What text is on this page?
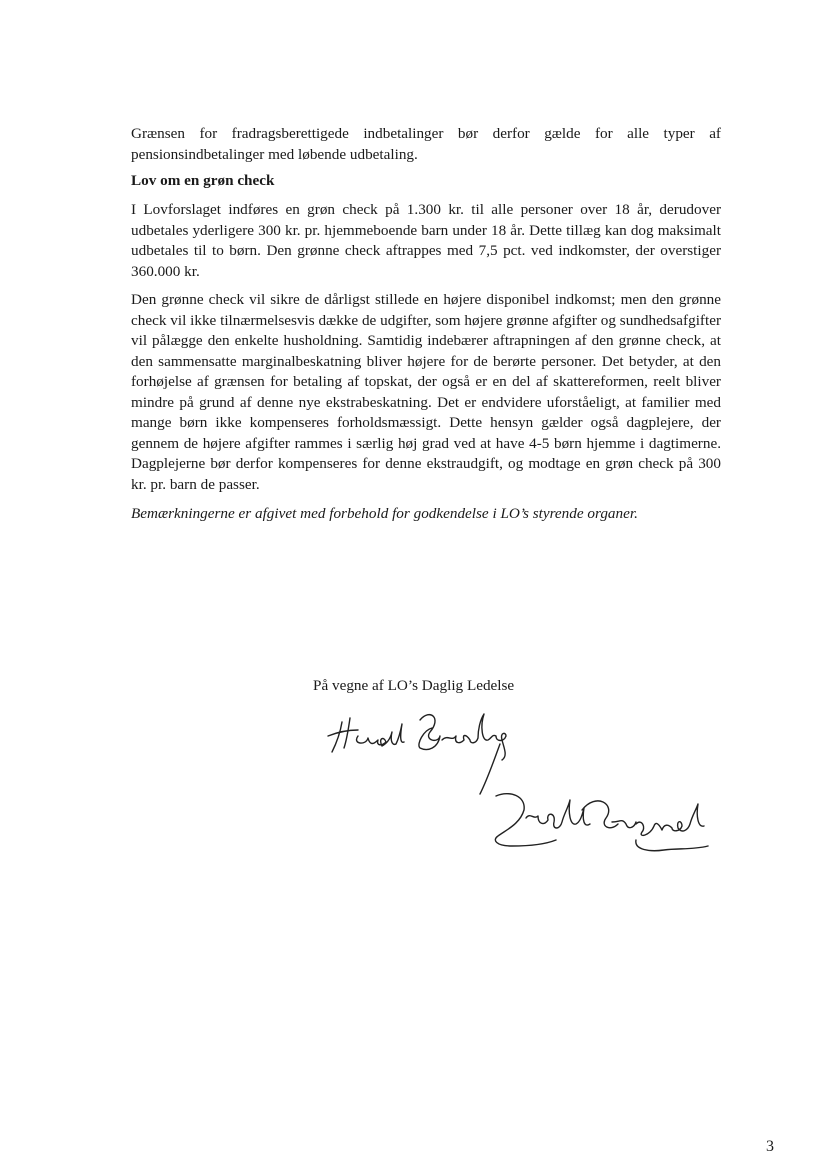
Grænsen for fradragsberettigede indbetalinger bør derfor gælde for alle typer af pensionsindbetalinger med løbende udbetaling.
Lov om en grøn check
I Lovforslaget indføres en grøn check på 1.300 kr. til alle personer over 18 år, derudover udbetales yderligere 300 kr. pr. hjemmeboende barn under 18 år. Dette tillæg kan dog maksimalt udbetales til to børn. Den grønne check aftrappes med 7,5 pct. ved indkomster, der overstiger 360.000 kr.
Den grønne check vil sikre de dårligst stillede en højere disponibel indkomst; men den grønne check vil ikke tilnærmelsesvis dække de udgifter, som højere grønne afgifter og sundhedsafgifter vil pålægge den enkelte husholdning. Samtidig indebærer aftrapningen af den grønne check, at den sammensatte marginalbeskatning bliver højere for de berørte personer. Det betyder, at den forhøjelse af grænsen for betaling af topskat, der også er en del af skattereformen, reelt bliver mindre på grund af denne nye ekstrabeskatning. Det er endvidere uforståeligt, at familier med mange børn ikke kompenseres forholdsmæssigt. Dette hensyn gælder også dagplejere, der gennem de højere afgifter rammes i særlig høj grad ved at have 4-5 børn hjemme i dagtimerne. Dagplejerne bør derfor kompenseres for denne ekstraudgift, og modtage en grøn check på 300 kr. pr. barn de passer.
Bemærkningerne er afgivet med forbehold for godkendelse i LO’s styrende organer.
På vegne af LO’s Daglig Ledelse
3
